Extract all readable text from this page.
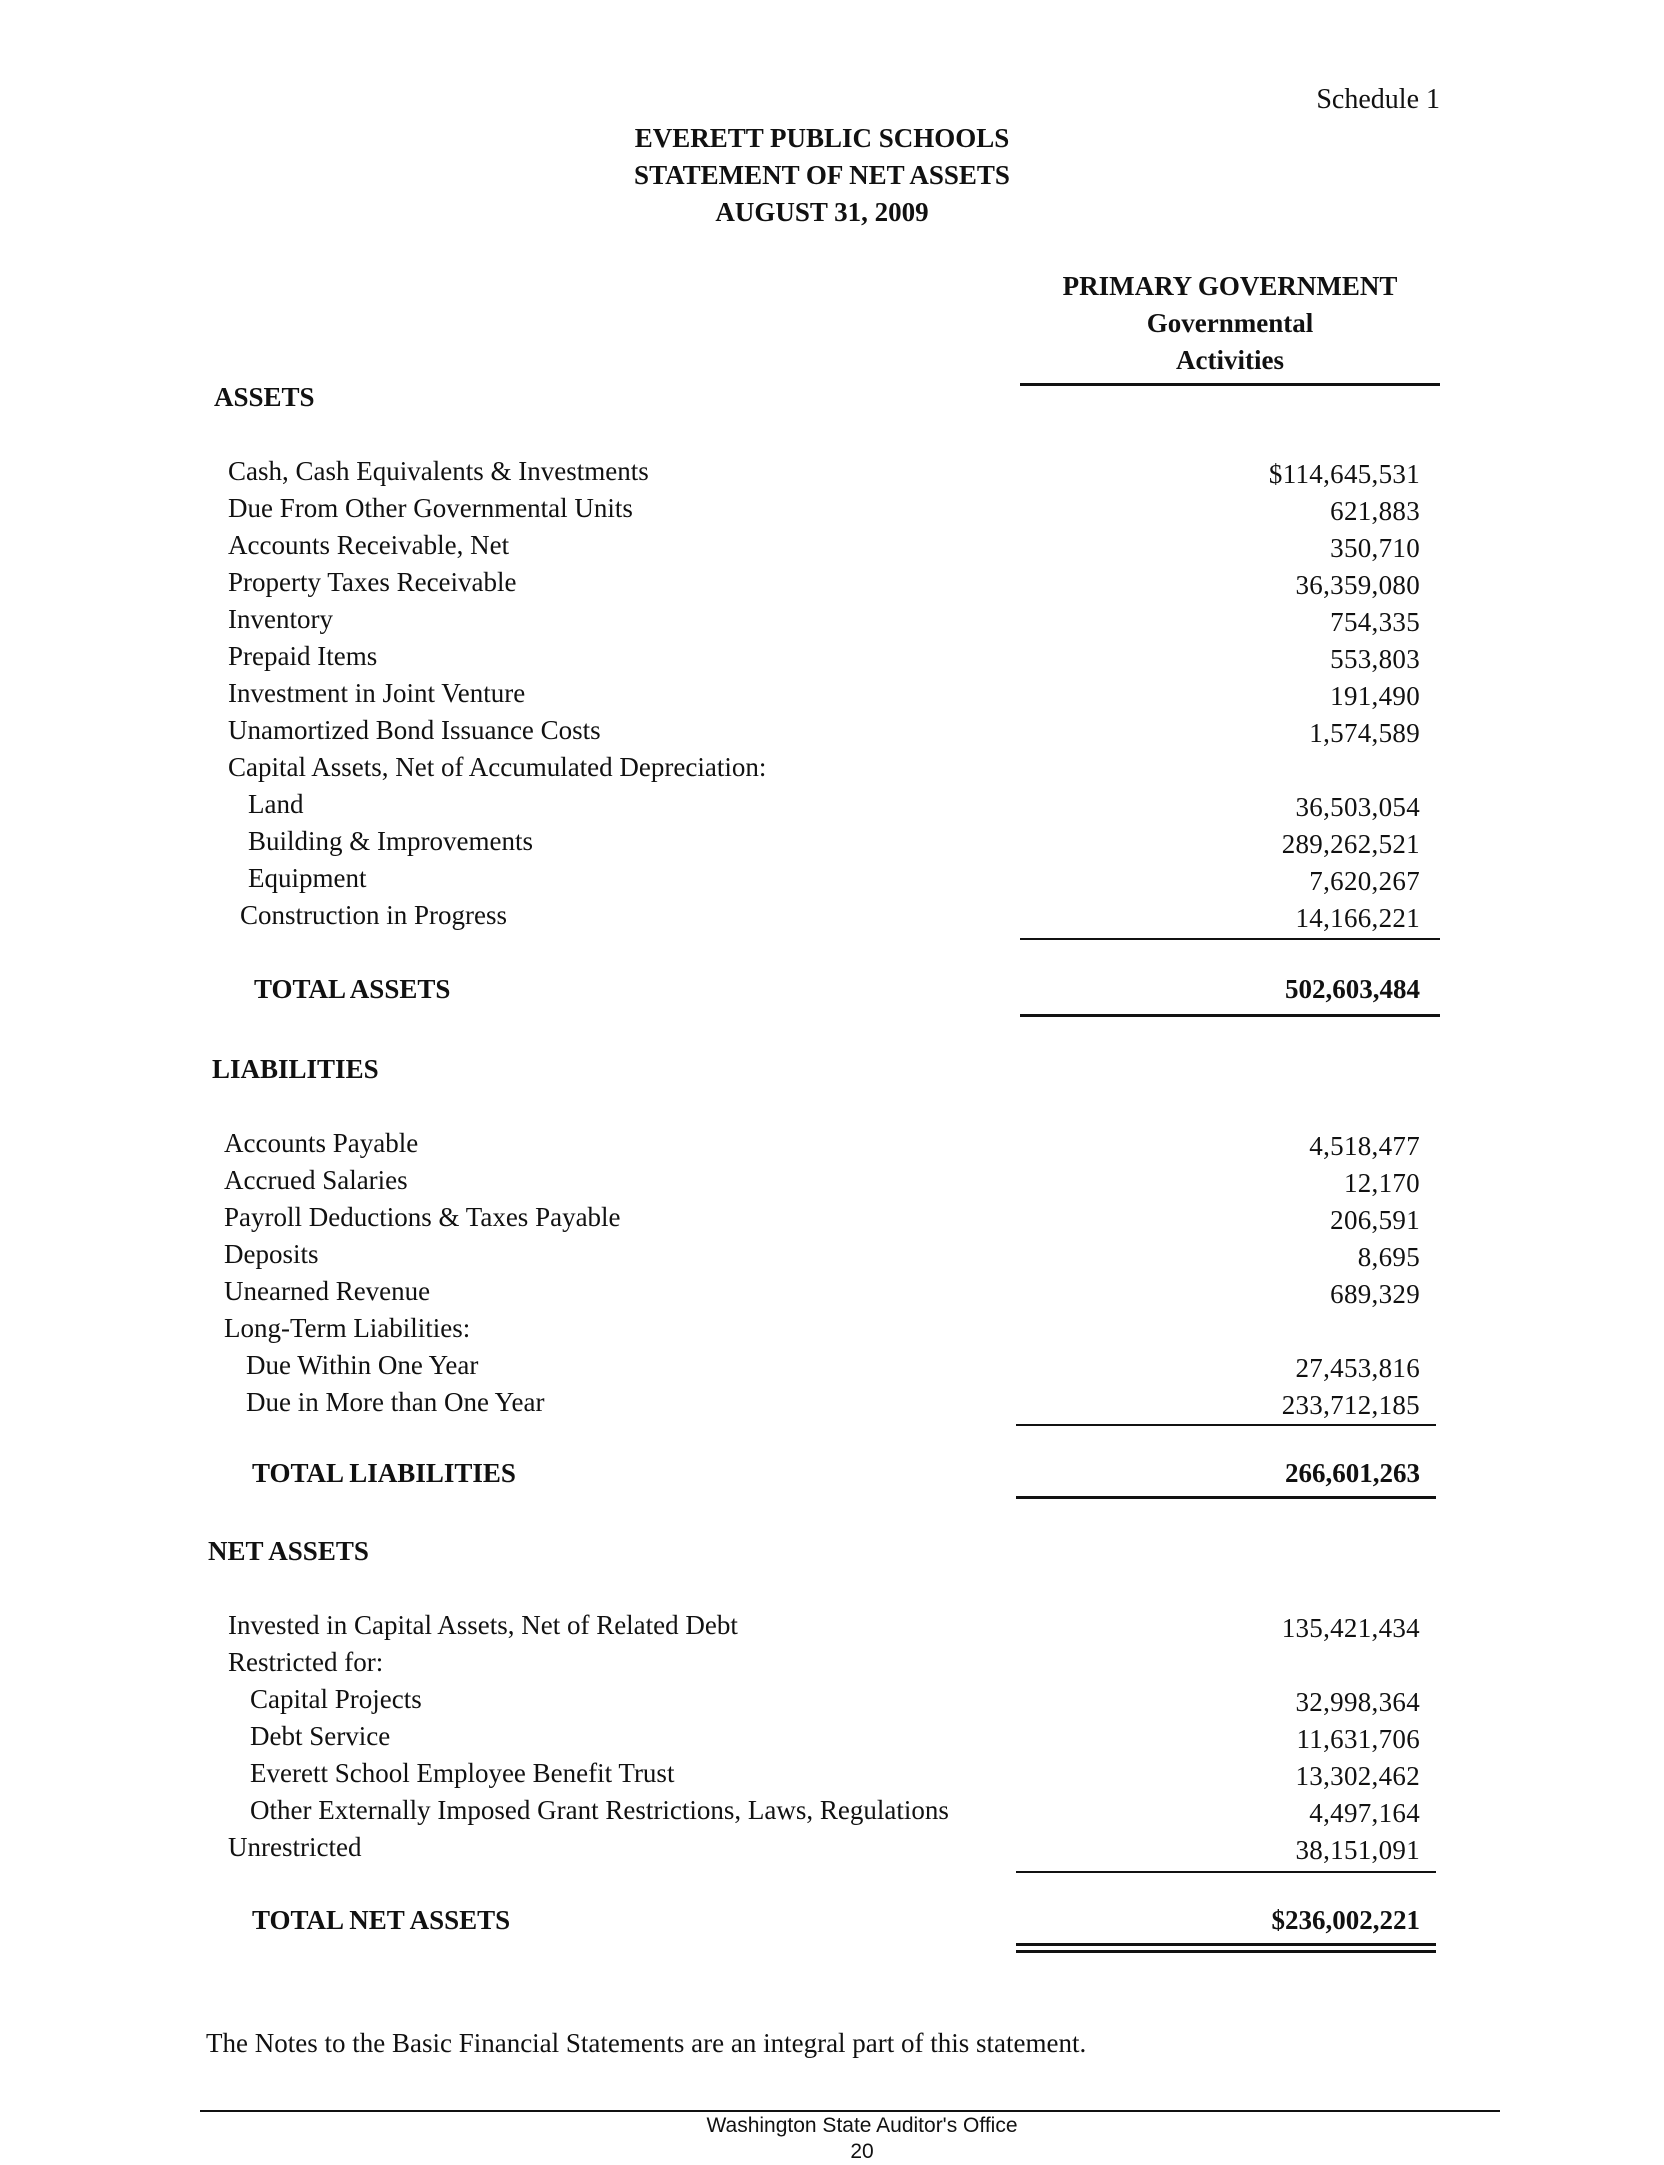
Schedule 1
EVERETT PUBLIC SCHOOLS
STATEMENT OF NET ASSETS
AUGUST 31, 2009
PRIMARY GOVERNMENT
Governmental
Activities
ASSETS
Cash, Cash Equivalents & Investments	$114,645,531
Due From Other Governmental Units	621,883
Accounts Receivable, Net	350,710
Property Taxes Receivable	36,359,080
Inventory	754,335
Prepaid Items	553,803
Investment in Joint Venture	191,490
Unamortized Bond Issuance Costs	1,574,589
Capital Assets, Net of Accumulated Depreciation:
Land	36,503,054
Building & Improvements	289,262,521
Equipment	7,620,267
Construction in Progress	14,166,221
TOTAL ASSETS	502,603,484
LIABILITIES
Accounts Payable	4,518,477
Accrued Salaries	12,170
Payroll Deductions & Taxes Payable	206,591
Deposits	8,695
Unearned Revenue	689,329
Long-Term Liabilities:
Due Within One Year	27,453,816
Due in More than One Year	233,712,185
TOTAL LIABILITIES	266,601,263
NET ASSETS
Invested in Capital Assets, Net of Related Debt	135,421,434
Restricted for:
Capital Projects	32,998,364
Debt Service	11,631,706
Everett School Employee Benefit Trust	13,302,462
Other Externally Imposed Grant Restrictions, Laws, Regulations	4,497,164
Unrestricted	38,151,091
TOTAL NET ASSETS	$236,002,221
The Notes to the Basic Financial Statements are an integral part of this statement.
Washington State Auditor's Office
20
